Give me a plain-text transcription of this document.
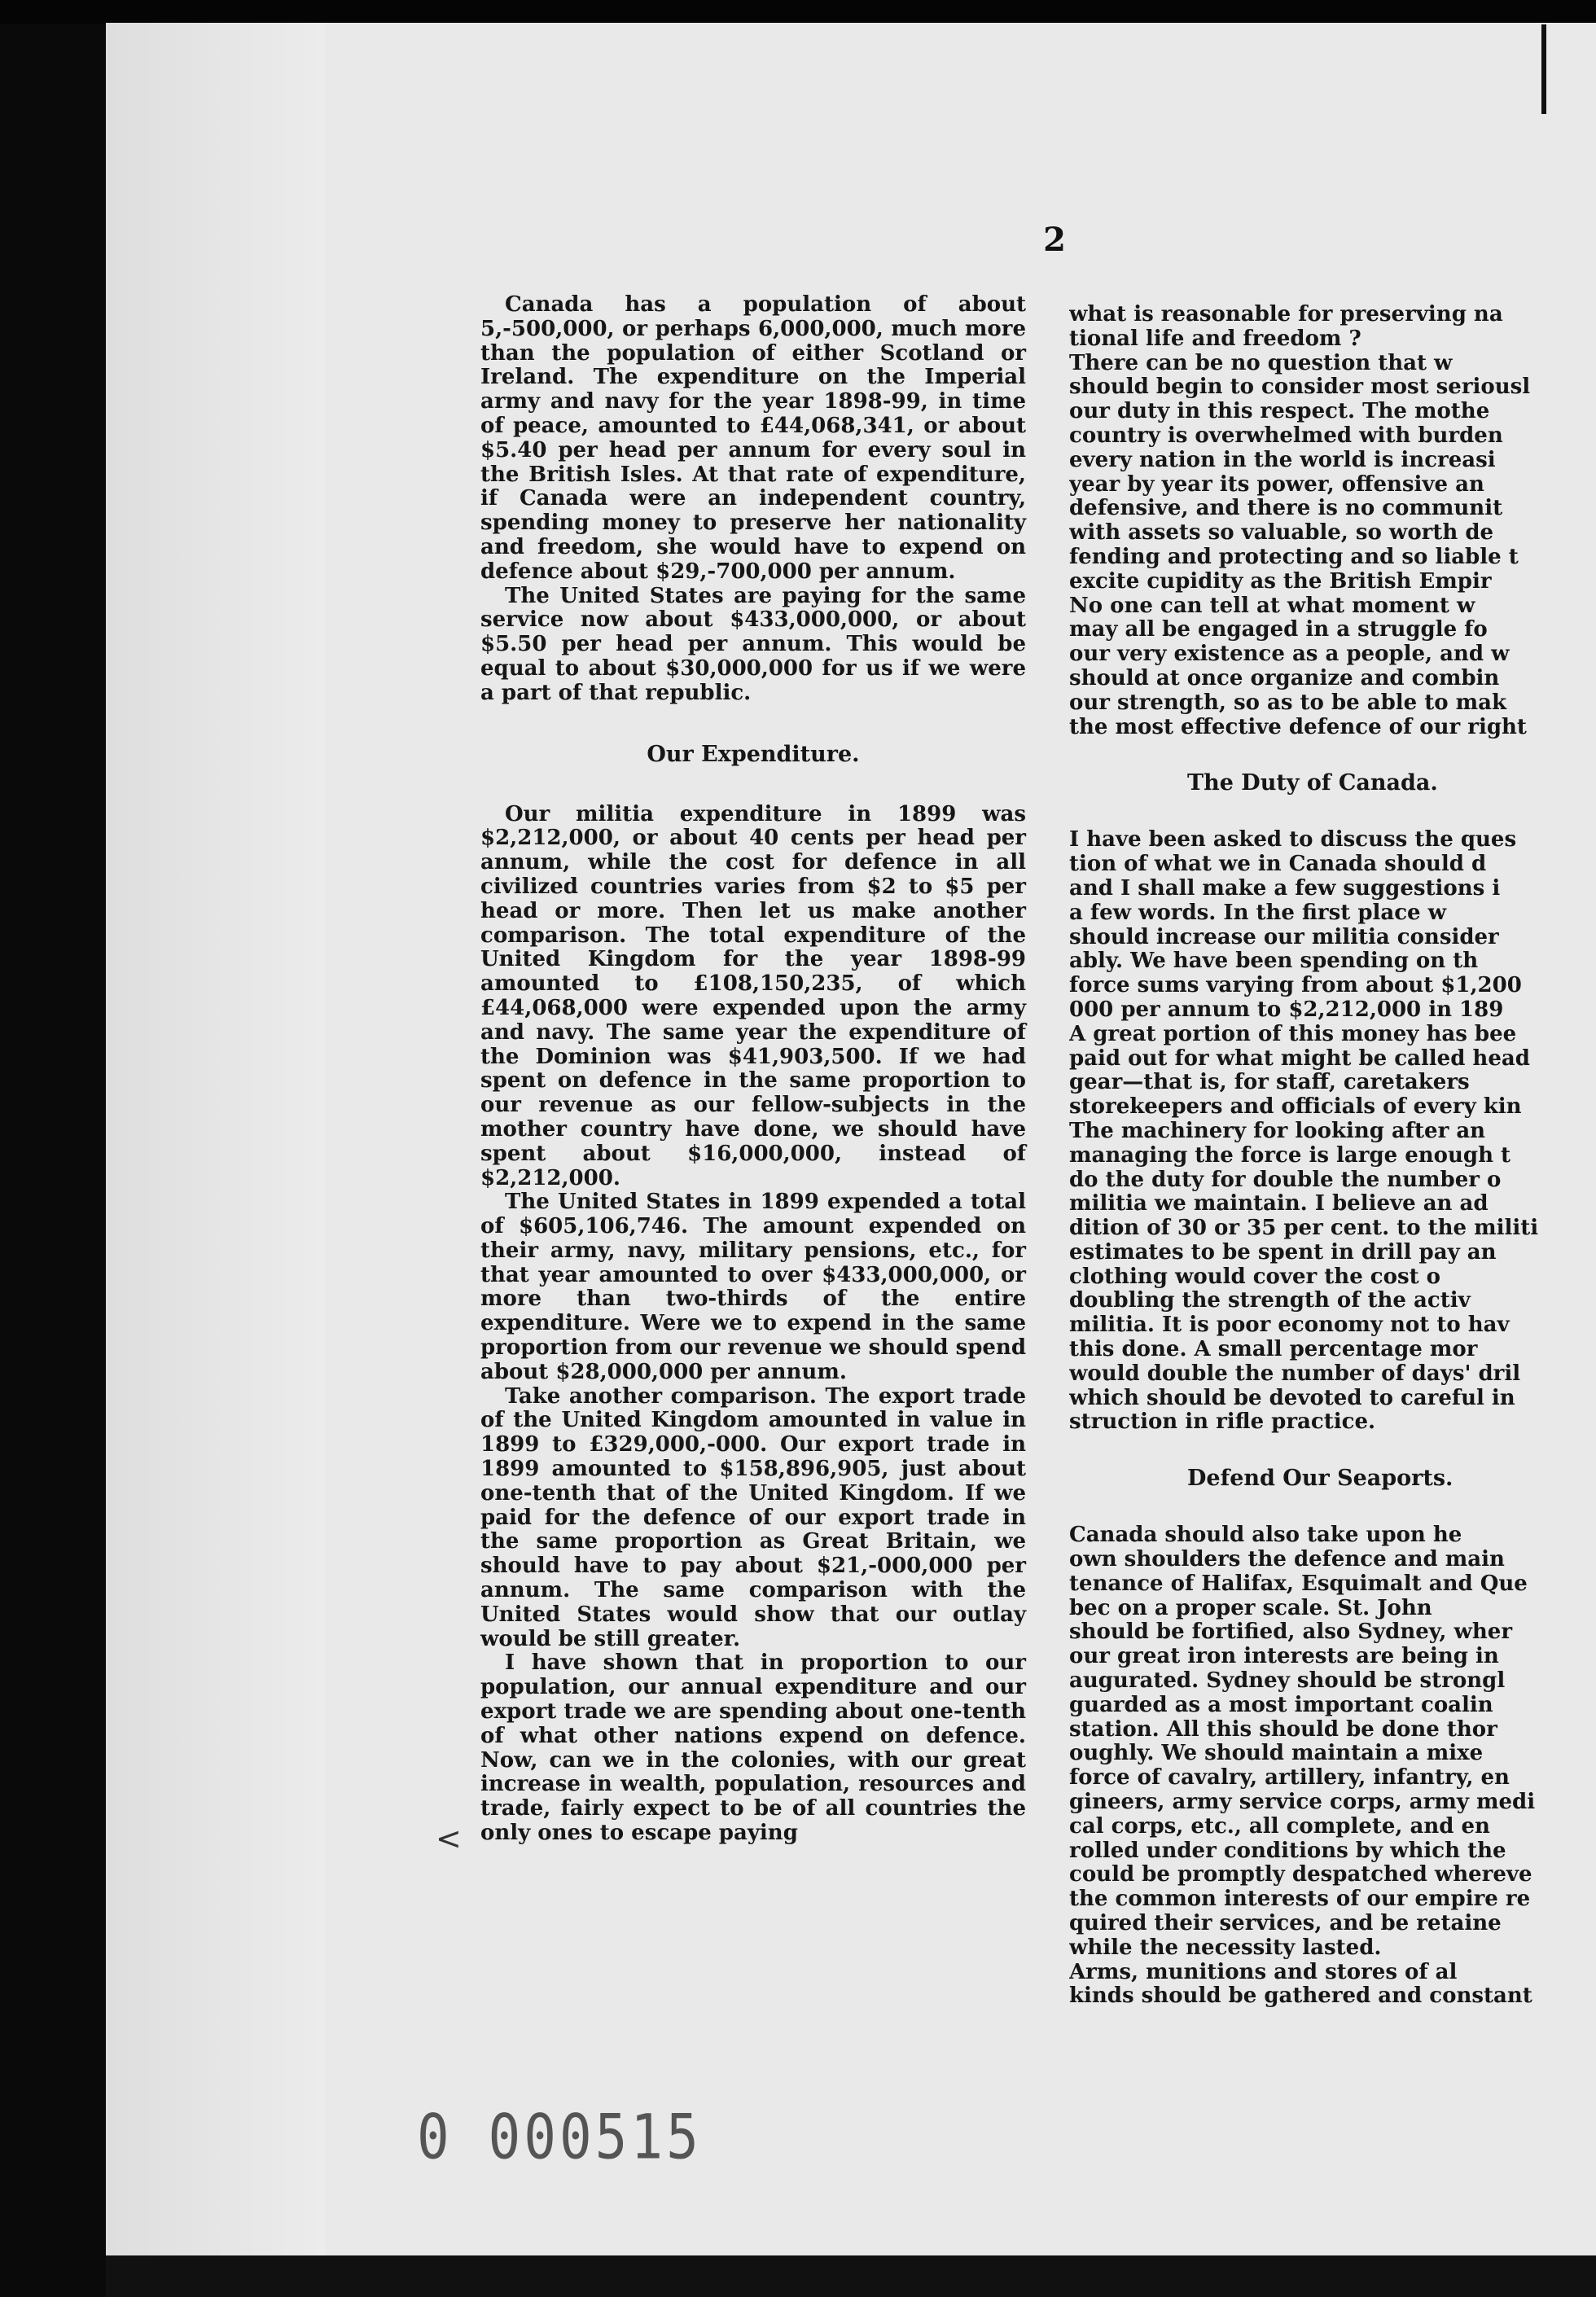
2

Canada has a population of about 5,-500,000, or perhaps 6,000,000, much more than the population of either Scotland or Ireland. The expenditure on the Imperial army and navy for the year 1898-99, in time of peace, amounted to £44,068,341, or about $5.40 per head per annum for every soul in the British Isles. At that rate of expenditure, if Canada were an independent country, spending money to preserve her nationality and freedom, she would have to expend on defence about $29,-700,000 per annum.

The United States are paying for the same service now about $433,000,000, or about $5.50 per head per annum. This would be equal to about $30,000,000 for us if we were a part of that republic.

Our Expenditure.

Our militia expenditure in 1899 was $2,212,000, or about 40 cents per head per annum, while the cost for defence in all civilized countries varies from $2 to $5 per head or more. Then let us make another comparison. The total expenditure of the United Kingdom for the year 1898-99 amounted to £108,150,235, of which £44,068,000 were expended upon the army and navy. The same year the expenditure of the Dominion was $41,903,500. If we had spent on defence in the same proportion to our revenue as our fellow-subjects in the mother country have done, we should have spent about $16,000,000, instead of $2,212,000.

The United States in 1899 expended a total of $605,106,746. The amount expended on their army, navy, military pensions, etc., for that year amounted to over $433,000,000, or more than two-thirds of the entire expenditure. Were we to expend in the same proportion from our revenue we should spend about $28,000,000 per annum.

Take another comparison. The export trade of the United Kingdom amounted in value in 1899 to £329,000,-000. Our export trade in 1899 amounted to $158,896,905, just about one-tenth that of the United Kingdom. If we paid for the defence of our export trade in the same proportion as Great Britain, we should have to pay about $21,-000,000 per annum. The same comparison with the United States would show that our outlay would be still greater.

I have shown that in proportion to our population, our annual expenditure and our export trade we are spending about one-tenth of what other nations expend on defence. Now, can we in the colonies, with our great increase in wealth, population, resources and trade, fairly expect to be of all countries the only ones to escape paying

what is reasonable for preserving na
tional life and freedom ?
There can be no question that w
should begin to consider most seriousl
our duty in this respect. The mothe
country is overwhelmed with burden
every nation in the world is increasi
year by year its power, offensive an
defensive, and there is no communit
with assets so valuable, so worth de
fending and protecting and so liable t
excite cupidity as the British Empir
No one can tell at what moment w
may all be engaged in a struggle fo
our very existence as a people, and w
should at once organize and combin
our strength, so as to be able to mak
the most effective defence of our right
The Duty of Canada.
I have been asked to discuss the ques
tion of what we in Canada should d
and I shall make a few suggestions i
a few words. In the first place w
should increase our militia consider
ably. We have been spending on th
force sums varying from about $1,200
000 per annum to $2,212,000 in 189
A great portion of this money has bee
paid out for what might be called head
gear—that is, for staff, caretakers
storekeepers and officials of every kin
The machinery for looking after an
managing the force is large enough t
do the duty for double the number o
militia we maintain. I believe an ad
dition of 30 or 35 per cent. to the militi
estimates to be spent in drill pay an
clothing would cover the cost o
doubling the strength of the activ
militia. It is poor economy not to hav
this done. A small percentage mor
would double the number of days' dril
which should be devoted to careful in
struction in rifle practice.
Defend Our Seaports.
Canada should also take upon he
own shoulders the defence and main
tenance of Halifax, Esquimalt and Que
bec on a proper scale. St. John
should be fortified, also Sydney, wher
our great iron interests are being in
augurated. Sydney should be strongl
guarded as a most important coalin
station. All this should be done thor
oughly. We should maintain a mixe
force of cavalry, artillery, infantry, en
gineers, army service corps, army medi
cal corps, etc., all complete, and en
rolled under conditions by which the
could be promptly despatched whereve
the common interests of our empire re
quired their services, and be retaine
while the necessity lasted.
Arms, munitions and stores of al
kinds should be gathered and constant
<
0 000515
